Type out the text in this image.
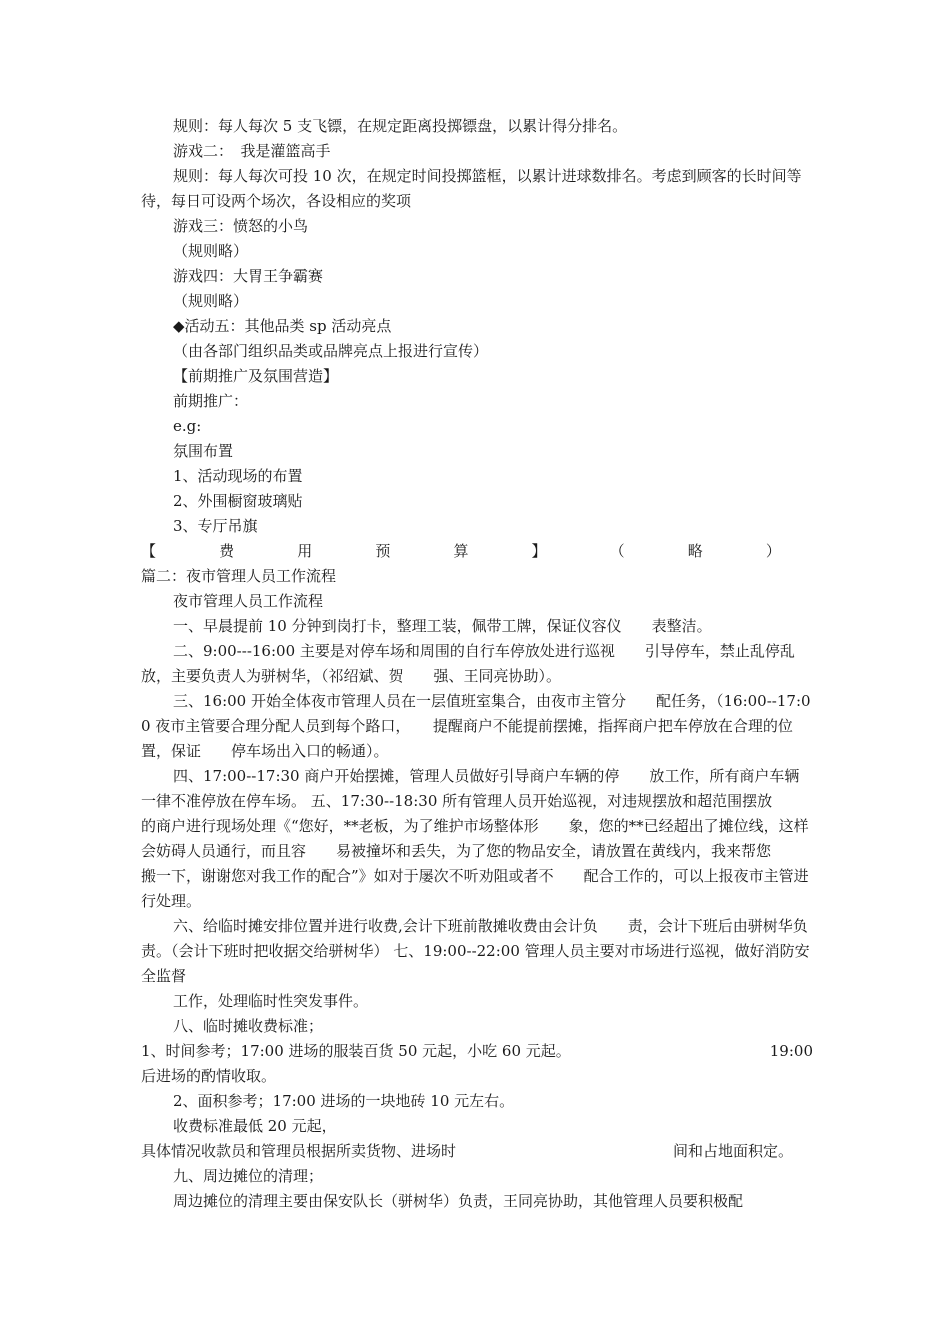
规则：每人每次 5 支飞镖，在规定距离投掷镖盘，以累计得分排名。

游戏二：　我是灌篮高手

规则：每人每次可投 10 次，在规定时间投掷篮框，以累计进球数排名。考虑到顾客的长时间等待，每日可设两个场次，各设相应的奖项

游戏三：愤怒的小鸟

（规则略）

游戏四：大胃王争霸赛

（规则略）

◆活动五：其他品类 sp 活动亮点

（由各部门组织品类或品牌亮点上报进行宣传）

【前期推广及氛围营造】

前期推广：

e.g:

氛围布置

1、活动现场的布置

2、外围橱窗玻璃贴

3、专厅吊旗

【	费	用	预	算	】	（	略	）

篇二：夜市管理人员工作流程

夜市管理人员工作流程

一、早晨提前 10 分钟到岗打卡，整理工装，佩带工牌，保证仪容仪　　表整洁。

二、9:00---16:00 主要是对停车场和周围的自行车停放处进行巡视　　引导停车，禁止乱停乱放，主要负责人为骈树华，（祁绍斌、贺　　强、王同亮协助）。

三、16:00 开始全体夜市管理人员在一层值班室集合，由夜市主管分　　配任务，（16:00--17:00 夜市主管要合理分配人员到每个路口，　　提醒商户不能提前摆摊，指挥商户把车停放在合理的位置，保证　　停车场出入口的畅通）。

四、17:00--17:30 商户开始摆摊，管理人员做好引导商户车辆的停　　放工作，所有商户车辆一律不准停放在停车场。 五、17:30--18:30 所有管理人员开始巡视，对违规摆放和超范围摆放　　的商户进行现场处理《“您好，**老板，为了维护市场整体形　　象，您的**已经超出了摊位线，这样会妨碍人员通行，而且容　　易被撞坏和丢失，为了您的物品安全，请放置在黄线内，我来帮您　　搬一下，谢谢您对我工作的配合”》如对于屡次不听劝阻或者不　　配合工作的，可以上报夜市主管进行处理。

六、给临时摊安排位置并进行收费,会计下班前散摊收费由会计负　　责，会计下班后由骈树华负责。（会计下班时把收据交给骈树华） 七、19:00--22:00 管理人员主要对市场进行巡视，做好消防安全监督

工作，处理临时性突发事件。

八、临时摊收费标准；

1、时间参考；17:00 进场的服装百货 50 元起，小吃 60 元起。	19:00

后进场的酌情收取。

2、面积参考；17:00 进场的一块地砖 10 元左右。

收费标准最低 20 元起，

具体情况收款员和管理员根据所卖货物、进场时	间和占地面积定。

九、周边摊位的清理；

周边摊位的清理主要由保安队长（骈树华）负责，王同亮协助，其他管理人员要积极配
